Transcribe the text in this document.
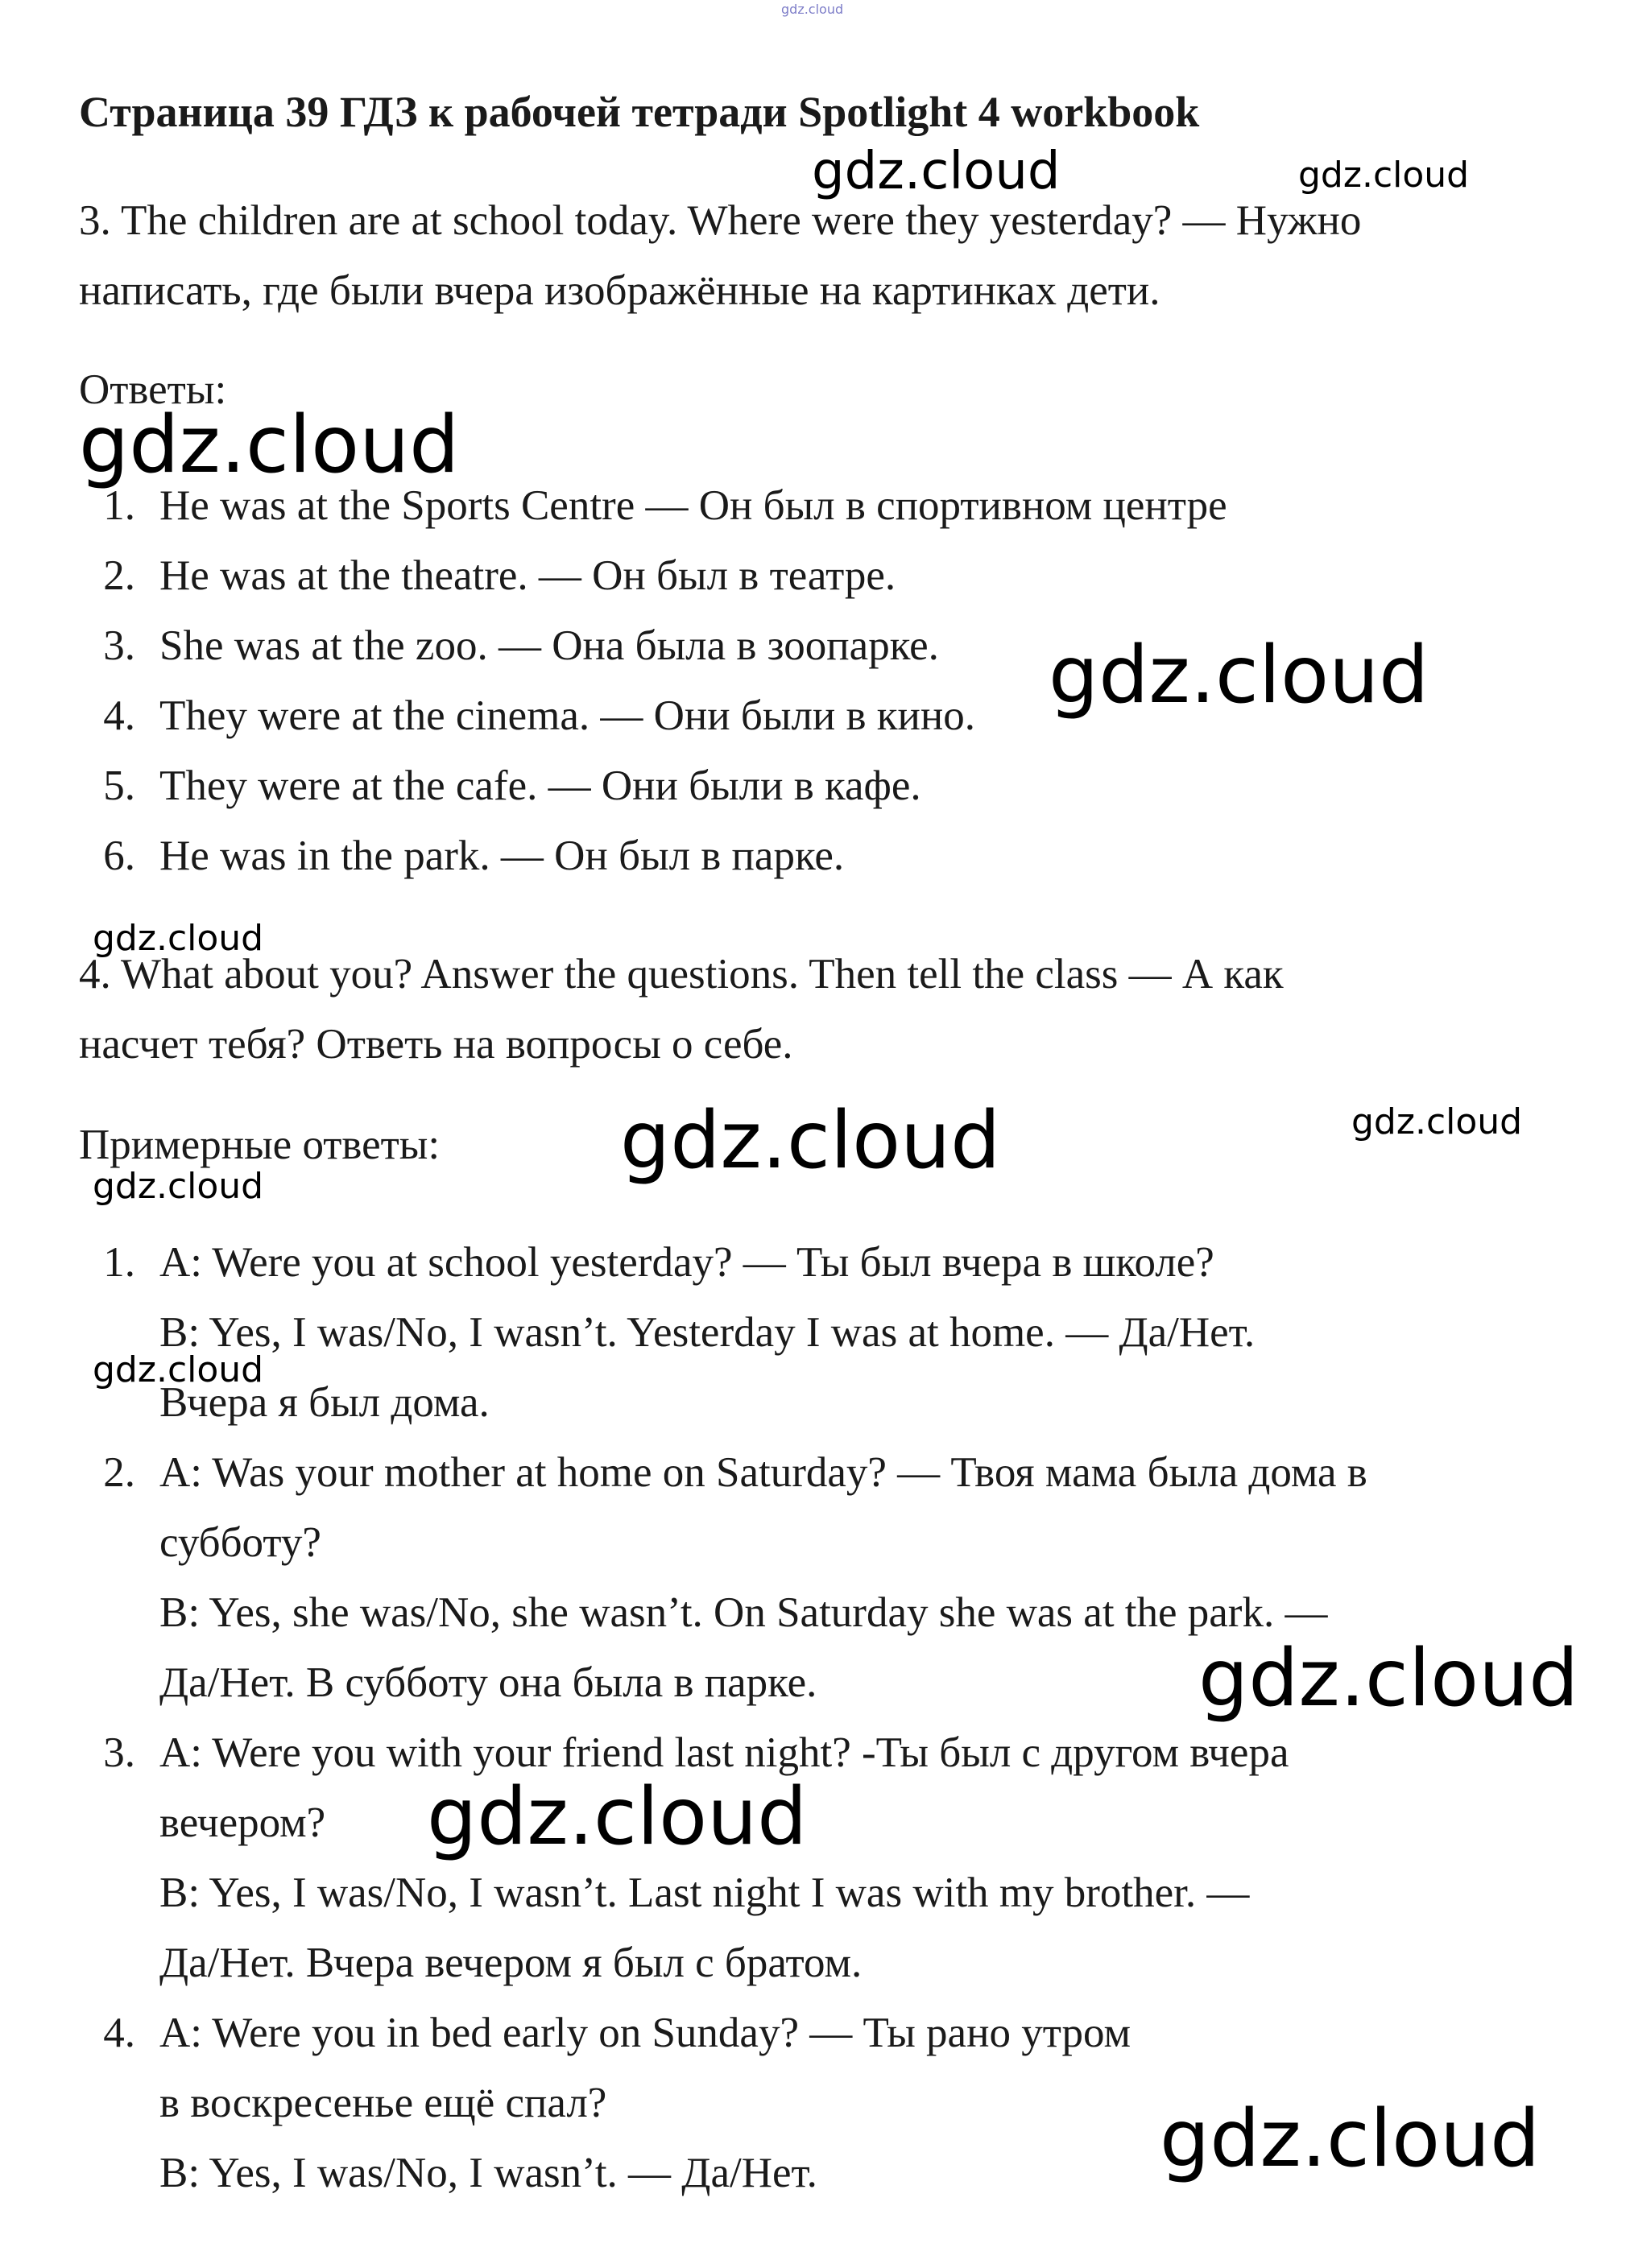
gdz.cloud
Страница 39 ГДЗ к рабочей тетради Spotlight 4 workbook
3. The children are at school today. Where were they yesterday? — Нужно
написать, где были вчера изображённые на картинках дети.
Ответы:
1. He was at the Sports Centre — Он был в спортивном центре
2. He was at the theatre. — Он был в театре.
3. She was at the zoo. — Она была в зоопарке.
4. They were at the cinema. — Они были в кино.
5. They were at the cafe. — Они были в кафе.
6. He was in the park. — Он был в парке.
4. What about you? Answer the questions. Then tell the class — А как
насчет тебя? Ответь на вопросы о себе.
Примерные ответы:
1. A: Were you at school yesterday? — Ты был вчера в школе?
B: Yes, I was/No, I wasn’t. Yesterday I was at home. — Да/Нет.
Вчера я был дома.
2. A: Was your mother at home on Saturday? — Твоя мама была дома в
субботу?
B: Yes, she was/No, she wasn’t. On Saturday she was at the park. —
Да/Нет. В субботу она была в парке.
3. A: Were you with your friend last night? -Ты был с другом вчера
вечером?
B: Yes, I was/No, I wasn’t. Last night I was with my brother. —
Да/Нет. Вчера вечером я был с братом.
4. A: Were you in bed early on Sunday? — Ты рано утром
в воскресенье ещё спал?
B: Yes, I was/No, I wasn’t. — Да/Нет.
gdz.cloud	gdz.cloud
gdz.cloud
gdz.cloud
gdz.cloud
gdz.cloud	gdz.cloud
gdz.cloud
gdz.cloud
gdz.cloud
gdz.cloud
gdz.cloud
